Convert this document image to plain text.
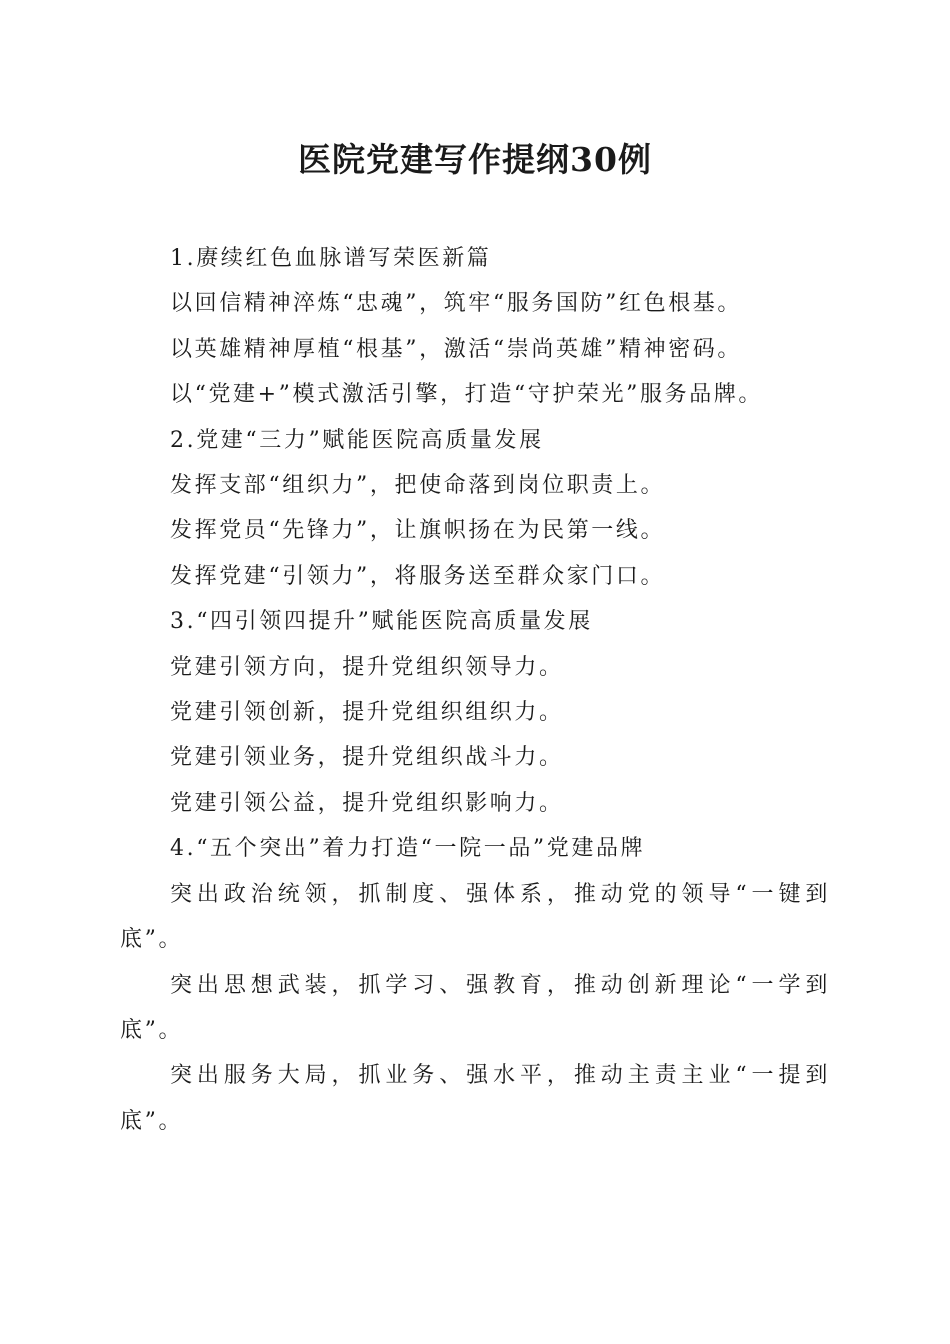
医院党建写作提纲30例
1.赓续红色血脉谱写荣医新篇
以回信精神淬炼“忠魂”，筑牢“服务国防”红色根基。
以英雄精神厚植“根基”，激活“崇尚英雄”精神密码。
以“党建+”模式激活引擎，打造“守护荣光”服务品牌。
2.党建“三力”赋能医院高质量发展
发挥支部“组织力”，把使命落到岗位职责上。
发挥党员“先锋力”，让旗帜扬在为民第一线。
发挥党建“引领力”，将服务送至群众家门口。
3.“四引领四提升”赋能医院高质量发展
党建引领方向，提升党组织领导力。
党建引领创新，提升党组织组织力。
党建引领业务，提升党组织战斗力。
党建引领公益，提升党组织影响力。
4.“五个突出”着力打造“一院一品”党建品牌
突出政治统领，抓制度、强体系，推动党的领导“一键到底”。
突出思想武装，抓学习、强教育，推动创新理论“一学到底”。
突出服务大局，抓业务、强水平，推动主责主业“一提到底”。
